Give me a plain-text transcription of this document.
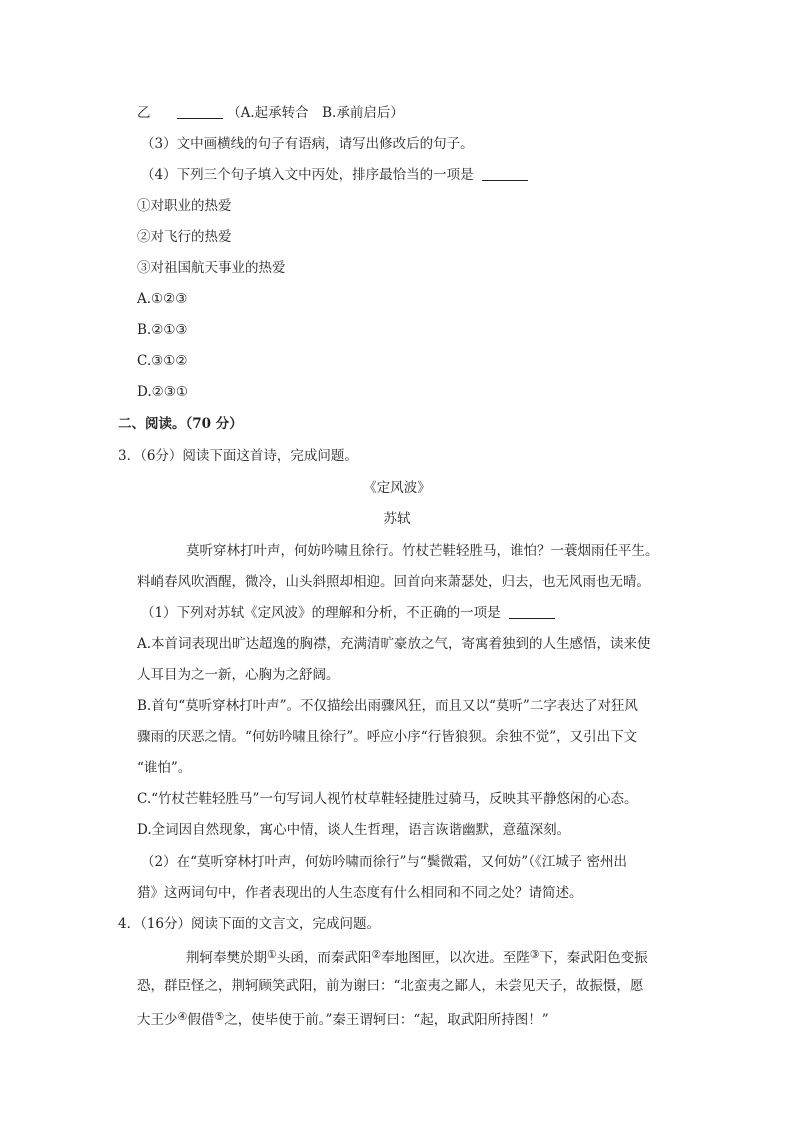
乙	（A.起承转合　B.承前启后）
（3）文中画横线的句子有语病，请写出修改后的句子。
（4）下列三个句子填入文中丙处，排序最恰当的一项是
①对职业的热爱
②对飞行的热爱
③对祖国航天事业的热爱
A.①②③
B.②①③
C.③①②
D.②③①
二、阅读。（70 分）
3．（6分）阅读下面这首诗，完成问题。
《定风波》
苏轼
莫听穿林打叶声，何妨吟啸且徐行。竹杖芒鞋轻胜马，谁怕？一蓑烟雨任平生。
料峭春风吹酒醒，微冷，山头斜照却相迎。回首向来萧瑟处，归去，也无风雨也无晴。
（1）下列对苏轼《定风波》的理解和分析，不正确的一项是
A.本首词表现出旷达超逸的胸襟，充满清旷豪放之气，寄寓着独到的人生感悟，读来使
人耳目为之一新，心胸为之舒阔。
B.首句“莫听穿林打叶声”。不仅描绘出雨骤风狂，而且又以“莫听”二字表达了对狂风
骤雨的厌恶之情。“何妨吟啸且徐行”。呼应小序“行皆狼狈。余独不觉”，又引出下文
“谁怕”。
C.“竹杖芒鞋轻胜马”一句写词人视竹杖草鞋轻捷胜过骑马，反映其平静悠闲的心态。
D.全词因自然现象，寓心中情，谈人生哲理，语言诙谐幽默，意蕴深刻。
（2）在“莫听穿林打叶声，何妨吟啸而徐行”与“鬓微霜，又何妨”（《江城子 密州出
猎》这两词句中，作者表现出的人生态度有什么相同和不同之处？请简述。
4．（16分）阅读下面的文言文，完成问题。
荆轲奉樊於期①头函，而秦武阳②奉地图匣，以次进。至陛③下，秦武阳色变振
恐，群臣怪之，荆轲顾笑武阳，前为谢曰：“北蛮夷之鄙人，未尝见天子，故振慑，愿
大王少④假借⑤之，使毕使于前。”秦王谓轲曰：“起，取武阳所持图！”
